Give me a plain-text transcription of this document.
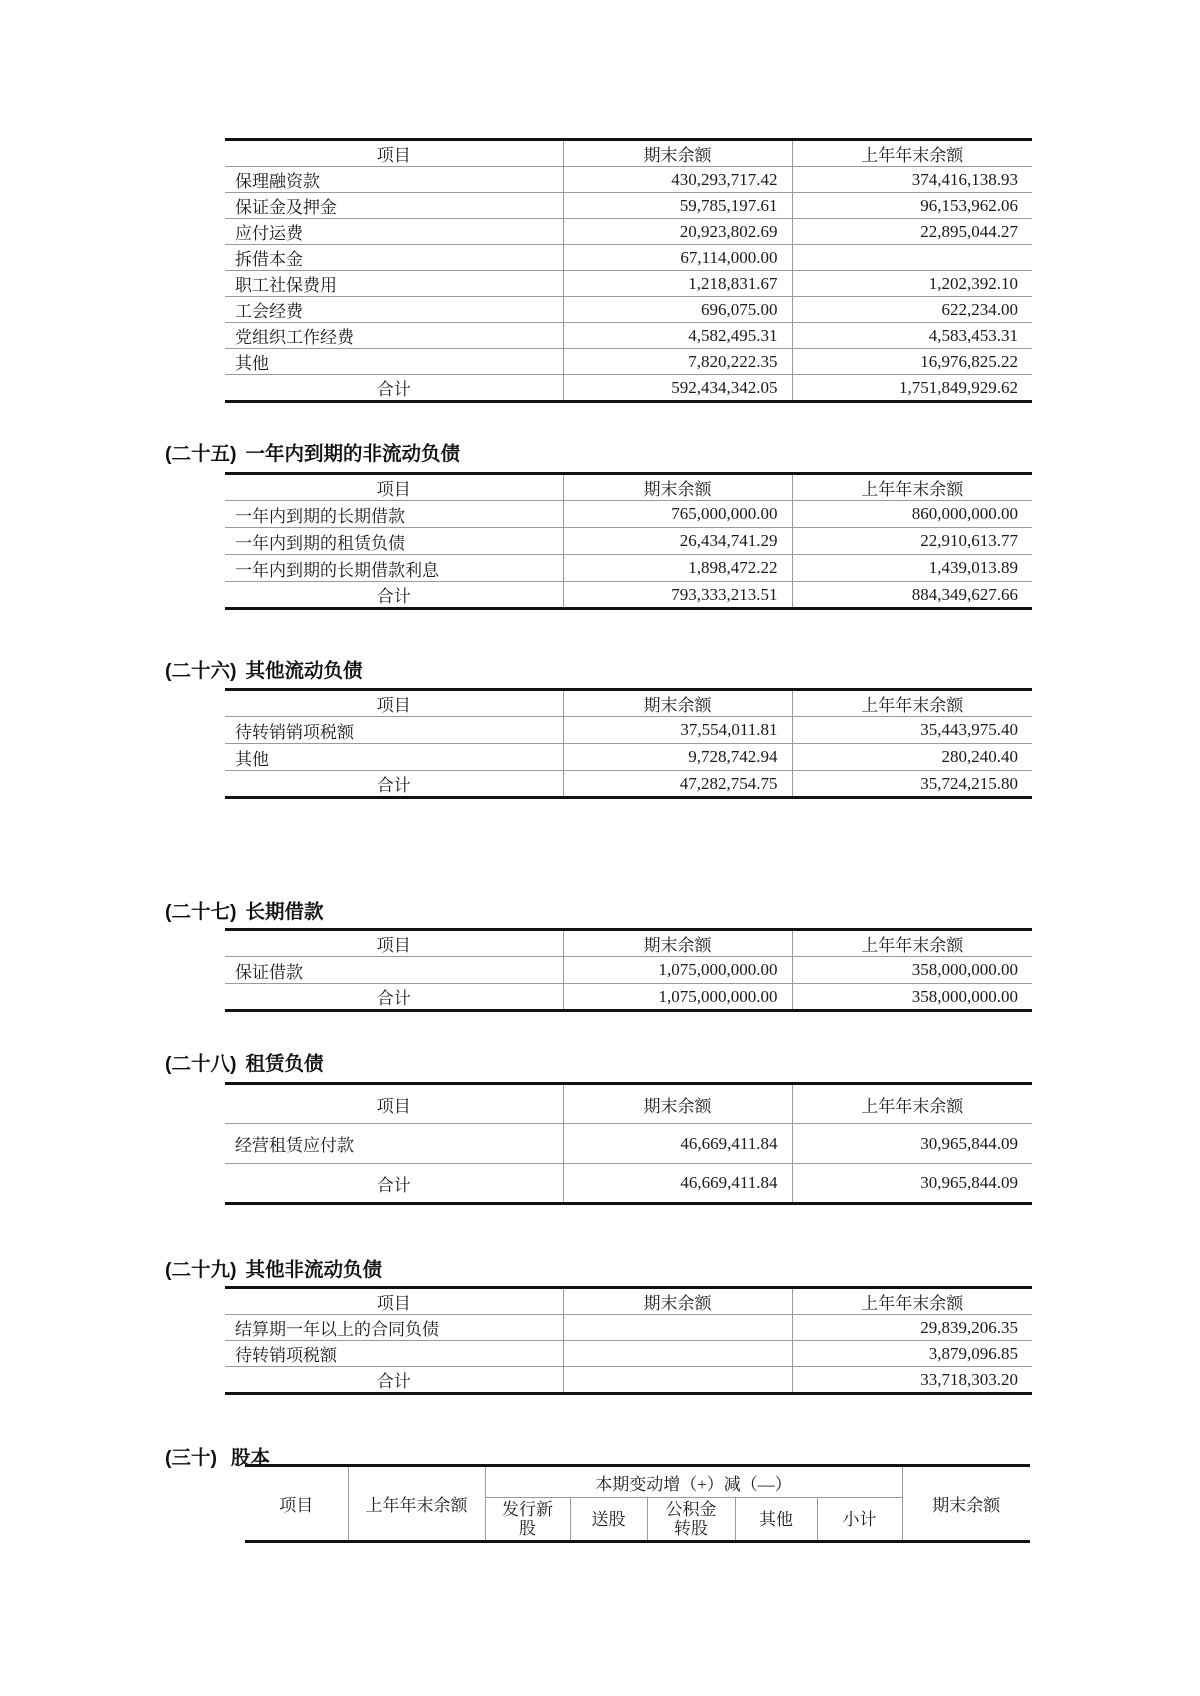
项目	期末余额	上年年末余额
保理融资款	430,293,717.42	374,416,138.93
保证金及押金	59,785,197.61	96,153,962.06
应付运费	20,923,802.69	22,895,044.27
拆借本金	67,114,000.00	
职工社保费用	1,218,831.67	1,202,392.10
工会经费	696,075.00	622,234.00
党组织工作经费	4,582,495.31	4,583,453.31
其他	7,820,222.35	16,976,825.22
合计	592,434,342.05	1,751,849,929.62
(二十五) 一年内到期的非流动负债
项目	期末余额	上年年末余额
一年内到期的长期借款	765,000,000.00	860,000,000.00
一年内到期的租赁负债	26,434,741.29	22,910,613.77
一年内到期的长期借款利息	1,898,472.22	1,439,013.89
合计	793,333,213.51	884,349,627.66
(二十六) 其他流动负债
项目	期末余额	上年年末余额
待转销销项税额	37,554,011.81	35,443,975.40
其他	9,728,742.94	280,240.40
合计	47,282,754.75	35,724,215.80
(二十七) 长期借款
项目	期末余额	上年年末余额
保证借款	1,075,000,000.00	358,000,000.00
合计	1,075,000,000.00	358,000,000.00
(二十八) 租赁负债
项目	期末余额	上年年末余额
经营租赁应付款	46,669,411.84	30,965,844.09
合计	46,669,411.84	30,965,844.09
(二十九) 其他非流动负债
项目	期末余额	上年年末余额
结算期一年以上的合同负债		29,839,206.35
待转销项税额		3,879,096.85
合计		33,718,303.20
(三十) 股本
项目	上年年末余额	本期变动增（+）减（—）					期末余额
		发行新股	送股	公积金转股	其他	小计	
